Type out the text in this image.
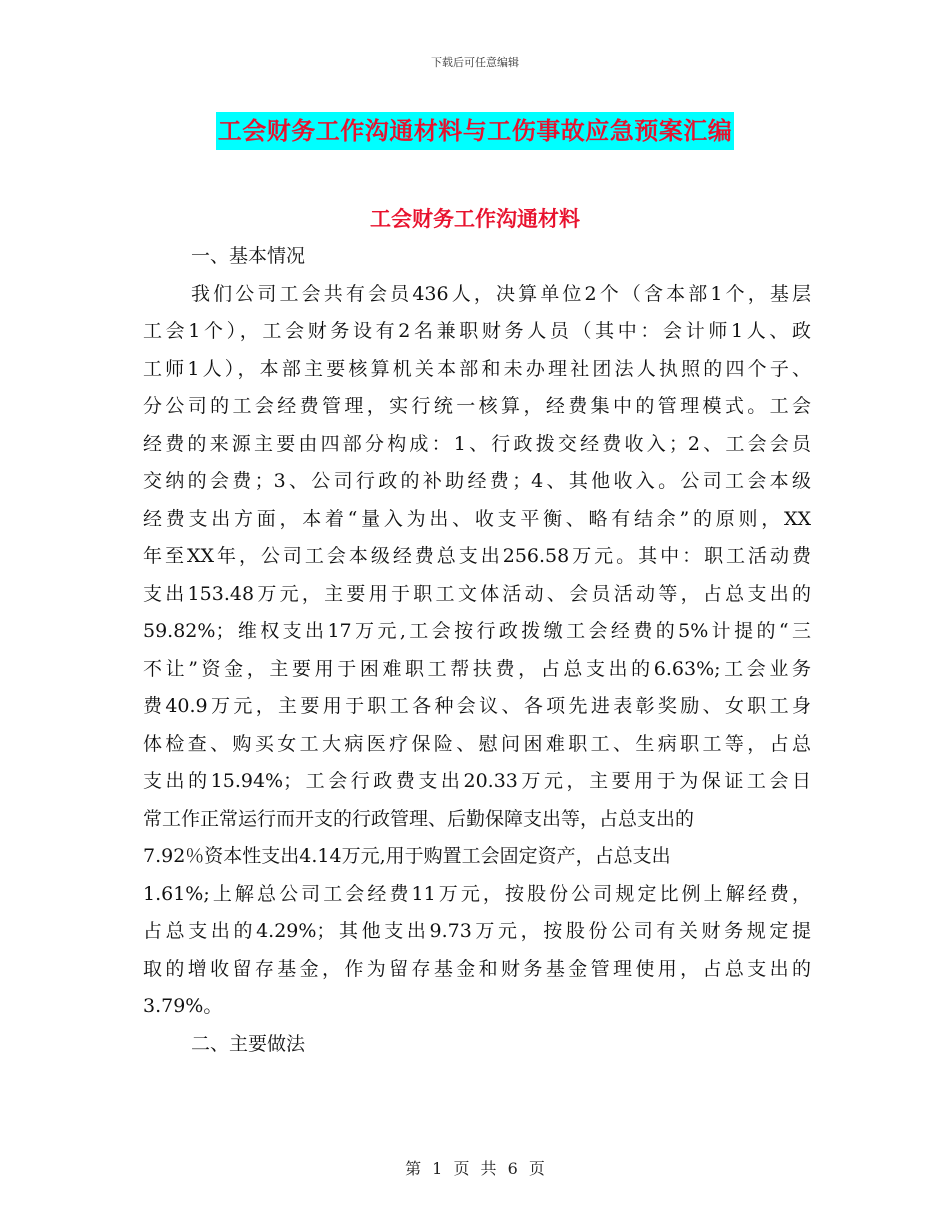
下载后可任意编辑
工会财务工作沟通材料与工伤事故应急预案汇编
工会财务工作沟通材料
一、基本情况
我们公司工会共有会员436人，决算单位2个（含本部1个，基层
工会1个），工会财务设有2名兼职财务人员（其中：会计师1人、政
工师1人），本部主要核算机关本部和未办理社团法人执照的四个子、
分公司的工会经费管理，实行统一核算，经费集中的管理模式。工会
经费的来源主要由四部分构成：1、行政拨交经费收入；2、工会会员
交纳的会费；3、公司行政的补助经费；4、其他收入。公司工会本级
经费支出方面，本着“量入为出、收支平衡、略有结余”的原则，XX
年至XX年，公司工会本级经费总支出256.58万元。其中：职工活动费
支出153.48万元，主要用于职工文体活动、会员活动等，占总支出的
59.82%；维权支出17万元,工会按行政拨缴工会经费的5%计提的“三
不让”资金，主要用于困难职工帮扶费，占总支出的6.63%;工会业务
费40.9万元，主要用于职工各种会议、各项先进表彰奖励、女职工身
体检查、购买女工大病医疗保险、慰问困难职工、生病职工等，占总
支出的15.94%；工会行政费支出20.33万元，主要用于为保证工会日
常工作正常运行而开支的行政管理、后勤保障支出等，占总支出的
7.92％资本性支出4.14万元,用于购置工会固定资产，占总支出
1.61%;上解总公司工会经费11万元，按股份公司规定比例上解经费，
占总支出的4.29%；其他支出9.73万元，按股份公司有关财务规定提
取的增收留存基金，作为留存基金和财务基金管理使用，占总支出的
3.79%。
二、主要做法
第 1 页 共 6 页
